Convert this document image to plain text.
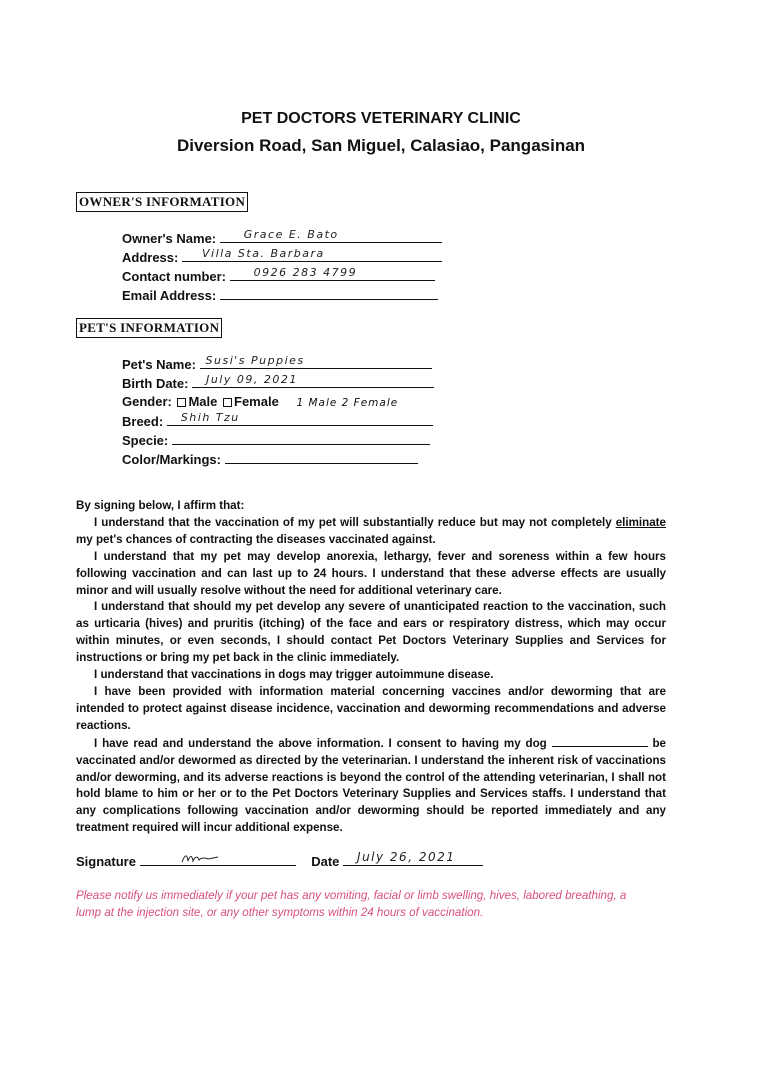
PET DOCTORS VETERINARY CLINIC
Diversion Road, San Miguel, Calasiao, Pangasinan
OWNER'S INFORMATION
Owner's Name:	Grace E. Bato
Address: Villa Sta. Barbara
Contact number:	0926 283 4799
Email Address:
PET'S INFORMATION
Pet's Name: Susi's Puppies
Birth Date: July 09, 2021
Gender: Male Female 1 Male 2 Female
Breed: Shih Tzu
Specie:
Color/Markings:

By signing below, I affirm that:

I understand that the vaccination of my pet will substantially reduce but may not completely eliminate my pet's chances of contracting the diseases vaccinated against.

I understand that my pet may develop anorexia, lethargy, fever and soreness within a few hours following vaccination and can last up to 24 hours. I understand that these adverse effects are usually minor and will usually resolve without the need for additional veterinary care.

I understand that should my pet develop any severe of unanticipated reaction to the vaccination, such as urticaria (hives) and pruritis (itching) of the face and ears or respiratory distress, which may occur within minutes, or even seconds, I should contact Pet Doctors Veterinary Supplies and Services for instructions or bring my pet back in the clinic immediately.

I understand that vaccinations in dogs may trigger autoimmune disease.

I have been provided with information material concerning vaccines and/or deworming that are intended to protect against disease incidence, vaccination and deworming recommendations and adverse reactions.

I have read and understand the above information. I consent to having my dog	be vaccinated and/or dewormed as directed by the veterinarian. I understand the inherent risk of vaccinations and/or deworming, and its adverse reactions is beyond the control of the attending veterinarian, I shall not hold blame to him or her or to the Pet Doctors Veterinary Supplies and Services staffs. I understand that any complications following vaccination and/or deworming should be reported immediately and any treatment required will incur additional expense.

Signature	Date July 26, 2021
Please notify us immediately if your pet has any vomiting, facial or limb swelling, hives, labored breathing, a lump at the injection site, or any other symptoms within 24 hours of vaccination.
